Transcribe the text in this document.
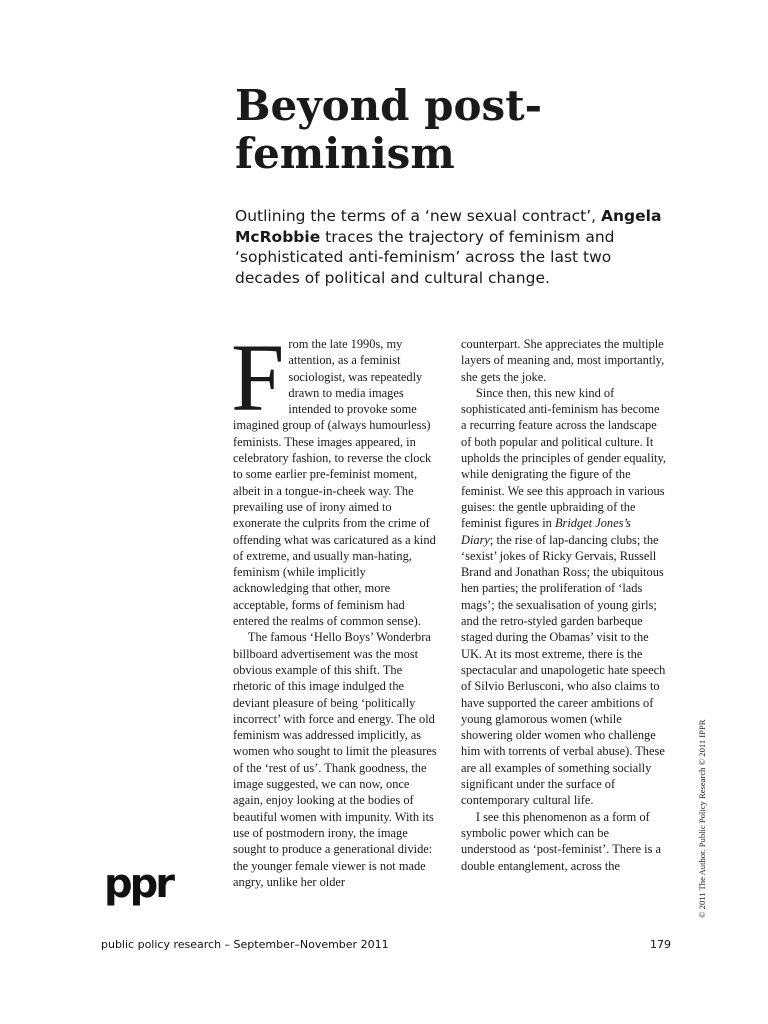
Beyond post-feminism

Outlining the terms of a ‘new sexual contract’, Angela McRobbie traces the trajectory of feminism and ‘sophisticated anti-feminism’ across the last two decades of political and cultural change.

From the late 1990s, my attention, as a feminist sociologist, was repeatedly drawn to media images intended to provoke some imagined group of (always humourless) feminists. These images appeared, in celebratory fashion, to reverse the clock to some earlier pre-feminist moment, albeit in a tongue-in-cheek way. The prevailing use of irony aimed to exonerate the culprits from the crime of offending what was caricatured as a kind of extreme, and usually man-hating, feminism (while implicitly acknowledging that other, more acceptable, forms of feminism had entered the realms of common sense).

The famous ‘Hello Boys’ Wonderbra billboard advertisement was the most obvious example of this shift. The rhetoric of this image indulged the deviant pleasure of being ‘politically incorrect’ with force and energy. The old feminism was addressed implicitly, as women who sought to limit the pleasures of the ‘rest of us’. Thank goodness, the image suggested, we can now, once again, enjoy looking at the bodies of beautiful women with impunity. With its use of postmodern irony, the image sought to produce a generational divide: the younger female viewer is not made angry, unlike her older

counterpart. She appreciates the multiple layers of meaning and, most importantly, she gets the joke.

Since then, this new kind of sophisticated anti-feminism has become a recurring feature across the landscape of both popular and political culture. It upholds the principles of gender equality, while denigrating the figure of the feminist. We see this approach in various guises: the gentle upbraiding of the feminist figures in Bridget Jones’s Diary; the rise of lap-dancing clubs; the ‘sexist’ jokes of Ricky Gervais, Russell Brand and Jonathan Ross; the ubiquitous hen parties; the proliferation of ‘lads mags’; the sexualisation of young girls; and the retro-styled garden barbeque staged during the Obamas’ visit to the UK. At its most extreme, there is the spectacular and unapologetic hate speech of Silvio Berlusconi, who also claims to have supported the career ambitions of young glamorous women (while showering older women who challenge him with torrents of verbal abuse). These are all examples of something socially significant under the surface of contemporary cultural life.

I see this phenomenon as a form of symbolic power which can be understood as ‘post-feminist’. There is a double entanglement, across the

ppr	© 2011 The Author. Public Policy Research © 2011 IPPR
public policy research – September–November 2011	179
